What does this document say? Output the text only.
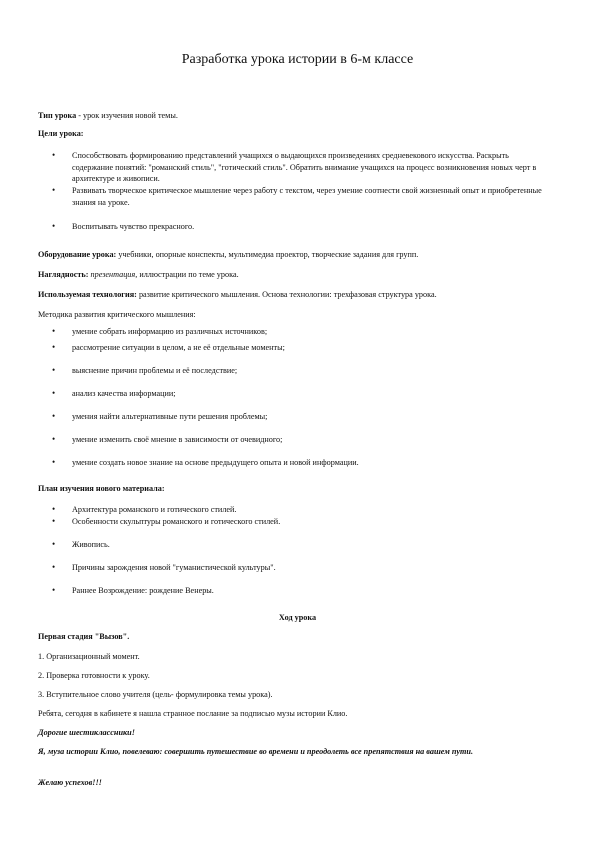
Разработка урока истории в 6-м классе
Тип урока - урок изучения новой темы.
Цели урока:
• Способствовать формированию представлений учащихся о выдающихся произведениях средневекового искусства. Раскрыть содержание понятий: "романский стиль", "готический стиль". Обратить внимание учащихся на процесс возникновения новых черт в архитектуре и живописи.
• Развивать творческое критическое мышление через работу с текстом, через умение соотнести свой жизненный опыт и приобретенные знания на уроке.
• Воспитывать чувство прекрасного.
Оборудование урока: учебники, опорные конспекты, мультимедиа проектор, творческие задания для групп.
Наглядность: презентация, иллюстрации по теме урока.
Используемая технология: развитие критического мышления. Основа технологии: трехфазовая структура урока.
Методика развития критического мышления:
• умение собрать информацию из различных источников;
• рассмотрение ситуации в целом, а не её отдельные моменты;
• выяснение причин проблемы и её последствие;
• анализ качества информации;
• умения найти альтернативные пути решения проблемы;
• умение изменить своё мнение в зависимости от очевидного;
• умение создать новое знание на основе предыдущего опыта и новой информации.
План изучения нового материала:
• Архитектура романского и готического стилей.
• Особенности скульптуры романского и готического стилей.
• Живопись.
• Причины зарождения новой "гуманистической культуры".
• Раннее Возрождение: рождение Венеры.
Ход урока
Первая стадия "Вызов".
1. Организационный момент.
2. Проверка готовности к уроку.
3. Вступительное слово учителя (цель- формулировка темы урока).
Ребята, сегодня в кабинете я нашла странное послание за подписью музы истории Клио.
Дорогие шестиклассники!
Я, муза истории Клио, повелеваю: совершить путешествие во времени и преодолеть все препятствия на вашем пути.
Желаю успехов!!!
